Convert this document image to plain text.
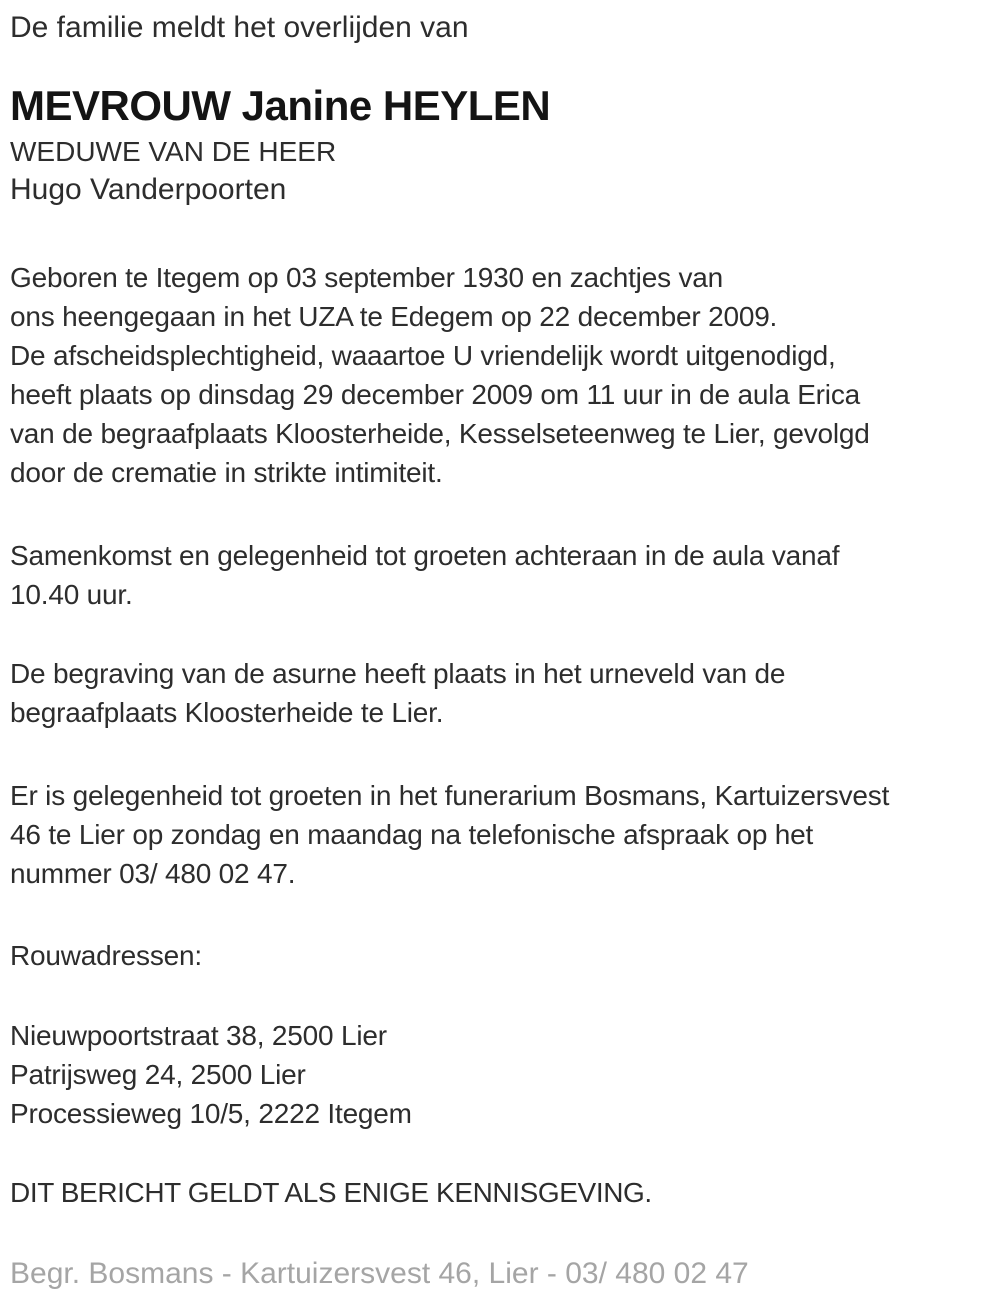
De familie meldt het overlijden van

MEVROUW Janine HEYLEN

WEDUWE VAN DE HEER

Hugo Vanderpoorten

Geboren te Itegem op 03 september 1930 en zachtjes van
ons heengegaan in het UZA te Edegem op 22 december 2009.
De afscheidsplechtigheid, waaartoe U vriendelijk wordt uitgenodigd,
heeft plaats op dinsdag 29 december 2009 om 11 uur in de aula Erica
van de begraafplaats Kloosterheide, Kesselseteenweg te Lier, gevolgd
door de crematie in strikte intimiteit.
Samenkomst en gelegenheid tot groeten achteraan in de aula vanaf
10.40 uur.
De begraving van de asurne heeft plaats in het urneveld van de
begraafplaats Kloosterheide te Lier.
Er is gelegenheid tot groeten in het funerarium Bosmans, Kartuizersvest
46 te Lier op zondag en maandag na telefonische afspraak op het
nummer 03/ 480 02 47.
Rouwadressen:
Nieuwpoortstraat 38, 2500 Lier
Patrijsweg 24, 2500 Lier
Processieweg 10/5, 2222 Itegem
DIT BERICHT GELDT ALS ENIGE KENNISGEVING.

Begr. Bosmans - Kartuizersvest 46, Lier - 03/ 480 02 47
